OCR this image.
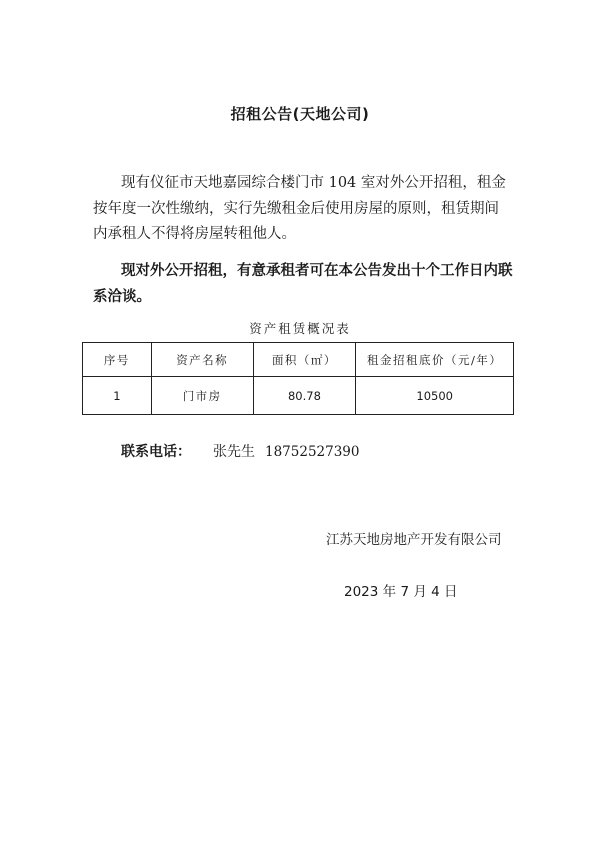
招租公告(天地公司)
现有仪征市天地嘉园综合楼门市 104 室对外公开招租，租金按年度一次性缴纳，实行先缴租金后使用房屋的原则，租赁期间内承租人不得将房屋转租他人。
现对外公开招租，有意承租者可在本公告发出十个工作日内联系洽谈。
资产租赁概况表
序号	资产名称	面积（㎡）	租金招租底价（元/年）
1	门市房	80.78	10500
联系电话： 张先生 18752527390
江苏天地房地产开发有限公司
2023 年 7 月 4 日
